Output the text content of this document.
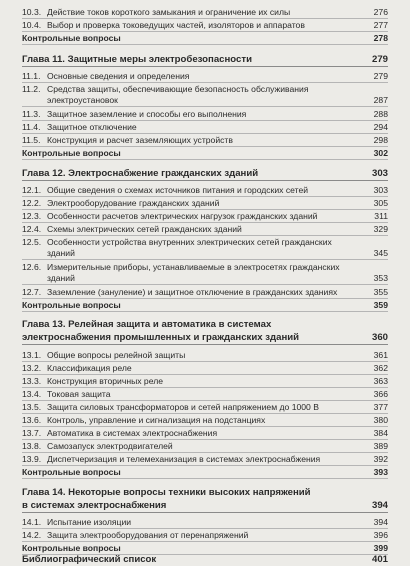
10.3. Действие токов короткого замыкания и ограничение их силы	276
10.4. Выбор и проверка токоведущих частей, изоляторов и аппаратов	277
Контрольные вопросы	278
Глава 11. Защитные меры электробезопасности	279
11.1. Основные сведения и определения	279
11.2. Средства защиты, обеспечивающие безопасность обслуживания
электроустановок	287
11.3. Защитное заземление и способы его выполнения	288
11.4. Защитное отключение	294
11.5. Конструкция и расчет заземляющих устройств	298
Контрольные вопросы	302
Глава 12. Электроснабжение гражданских зданий	303
12.1. Общие сведения о схемах источников питания и городских сетей	303
12.2. Электрооборудование гражданских зданий	305
12.3. Особенности расчетов электрических нагрузок гражданских зданий	311
12.4. Схемы электрических сетей гражданских зданий	329
12.5. Особенности устройства внутренних электрических сетей гражданских
зданий	345
12.6. Измерительные приборы, устанавливаемые в электросетях гражданских
зданий	353
12.7. Заземление (зануление) и защитное отключение в гражданских зданиях	355
Контрольные вопросы	359
Глава 13. Релейная защита и автоматика в системах
электроснабжения промышленных и гражданских зданий	360
13.1. Общие вопросы релейной защиты	361
13.2. Классификация реле	362
13.3. Конструкция вторичных реле	363
13.4. Токовая защита	366
13.5. Защита силовых трансформаторов и сетей напряжением до 1000 В	377
13.6. Контроль, управление и сигнализация на подстанциях	380
13.7. Автоматика в системах электроснабжения	384
13.8. Самозапуск электродвигателей	389
13.9. Диспетчеризация и телемеханизация в системах электроснабжения	392
Контрольные вопросы	393
Глава 14. Некоторые вопросы техники высоких напряжений
в системах электроснабжения	394
14.1. Испытание изоляции	394
14.2. Защита электрооборудования от перенапряжений	396
Контрольные вопросы	399
Библиографический список	401
